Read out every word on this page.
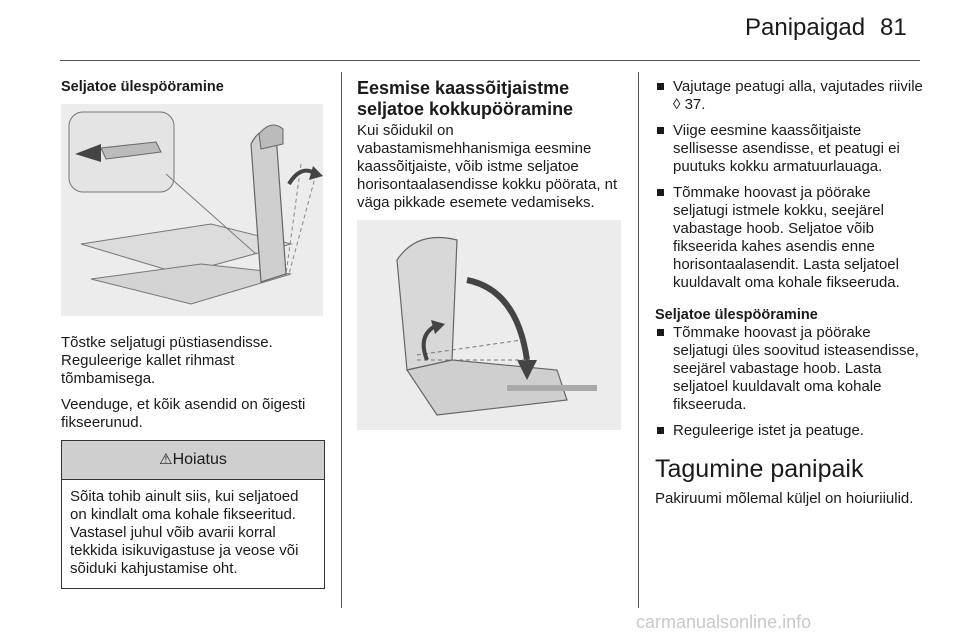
Panipaigad 81
Seljatoe ülespööramine

Tõstke seljatugi püstiasendisse. Reguleerige kallet rihmast tõmbamisega.

Veenduge, et kõik asendid on õigesti fikseerunud.

⚠Hoiatus
Sõita tohib ainult siis, kui seljatoed on kindlalt oma kohale fikseeritud. Vastasel juhul võib avarii korral tekkida isikuvigastuse ja veose või sõiduki kahjustamise oht.
Eesmise kaassõitjaistme seljatoe kokkupööramine

Kui sõidukil on vabastamismehhanismiga eesmine kaassõitjaiste, võib istme seljatoe horisontaalasendisse kokku pöörata, nt väga pikkade esemete vedamiseks.

Vajutage peatugi alla, vajutades riivile ◊ 37.
Viige eesmine kaassõitjaiste sellisesse asendisse, et peatugi ei puutuks kokku armatuurlauaga.
Tõmmake hoovast ja pöörake seljatugi istmele kokku, seejärel vabastage hoob. Seljatoe võib fikseerida kahes asendis enne horisontaalasendit. Lasta seljatoel kuuldavalt oma kohale fikseeruda.
Seljatoe ülespööramine
Tõmmake hoovast ja pöörake seljatugi üles soovitud isteasendisse, seejärel vabastage hoob. Lasta seljatoel kuuldavalt oma kohale fikseeruda.
Reguleerige istet ja peatuge.
Tagumine panipaik

Pakiruumi mõlemal küljel on hoiuriiulid.

carmanualsonline.info
